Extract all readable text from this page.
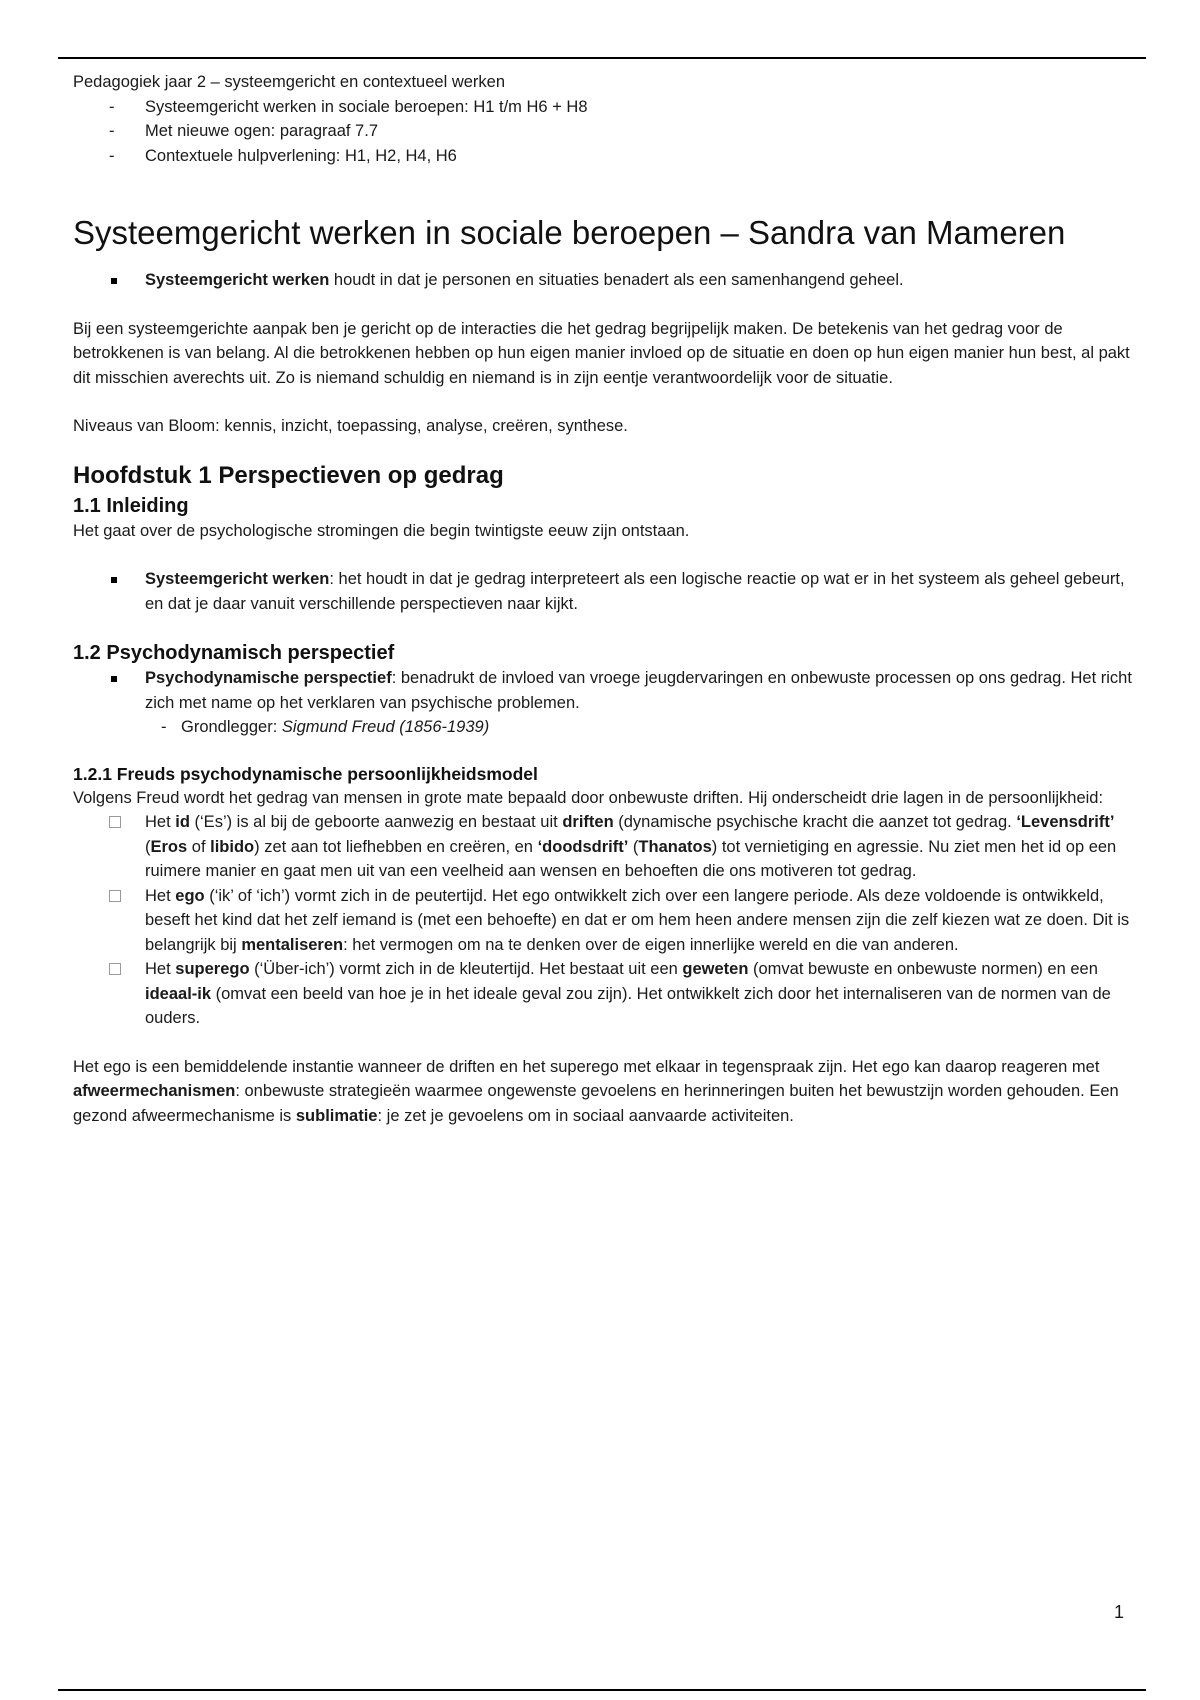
Pedagogiek jaar 2 – systeemgericht en contextueel werken

- Systeemgericht werken in sociale beroepen: H1 t/m H6 + H8
- Met nieuwe ogen: paragraaf 7.7
- Contextuele hulpverlening: H1, H2, H4, H6
Systeemgericht werken in sociale beroepen – Sandra van Mameren
Systeemgericht werken houdt in dat je personen en situaties benadert als een samenhangend geheel.

Bij een systeemgerichte aanpak ben je gericht op de interacties die het gedrag begrijpelijk maken. De betekenis van het gedrag voor de betrokkenen is van belang. Al die betrokkenen hebben op hun eigen manier invloed op de situatie en doen op hun eigen manier hun best, al pakt dit misschien averechts uit. Zo is niemand schuldig en niemand is in zijn eentje verantwoordelijk voor de situatie.

Niveaus van Bloom: kennis, inzicht, toepassing, analyse, creëren, synthese.

Hoofdstuk 1 Perspectieven op gedrag
1.1 Inleiding

Het gaat over de psychologische stromingen die begin twintigste eeuw zijn ontstaan.

Systeemgericht werken: het houdt in dat je gedrag interpreteert als een logische reactie op wat er in het systeem als geheel gebeurt, en dat je daar vanuit verschillende perspectieven naar kijkt.
1.2 Psychodynamisch perspectief
Psychodynamische perspectief: benadrukt de invloed van vroege jeugdervaringen en onbewuste processen op ons gedrag. Het richt zich met name op het verklaren van psychische problemen.
- Grondlegger: Sigmund Freud (1856-1939)
1.2.1 Freuds psychodynamische persoonlijkheidsmodel

Volgens Freud wordt het gedrag van mensen in grote mate bepaald door onbewuste driften. Hij onderscheidt drie lagen in de persoonlijkheid:

Het id (‘Es’) is al bij de geboorte aanwezig en bestaat uit driften (dynamische psychische kracht die aanzet tot gedrag. ‘Levensdrift’ (Eros of libido) zet aan tot liefhebben en creëren, en ‘doodsdrift’ (Thanatos) tot vernietiging en agressie. Nu ziet men het id op een ruimere manier en gaat men uit van een veelheid aan wensen en behoeften die ons motiveren tot gedrag.
Het ego (‘ik’ of ‘ich’) vormt zich in de peutertijd. Het ego ontwikkelt zich over een langere periode. Als deze voldoende is ontwikkeld, beseft het kind dat het zelf iemand is (met een behoefte) en dat er om hem heen andere mensen zijn die zelf kiezen wat ze doen. Dit is belangrijk bij mentaliseren: het vermogen om na te denken over de eigen innerlijke wereld en die van anderen.
Het superego (‘Über-ich’) vormt zich in de kleutertijd. Het bestaat uit een geweten (omvat bewuste en onbewuste normen) en een ideaal-ik (omvat een beeld van hoe je in het ideale geval zou zijn). Het ontwikkelt zich door het internaliseren van de normen van de ouders.

Het ego is een bemiddelende instantie wanneer de driften en het superego met elkaar in tegenspraak zijn. Het ego kan daarop reageren met afweermechanismen: onbewuste strategieën waarmee ongewenste gevoelens en herinneringen buiten het bewustzijn worden gehouden. Een gezond afweermechanisme is sublimatie: je zet je gevoelens om in sociaal aanvaarde activiteiten.

1
